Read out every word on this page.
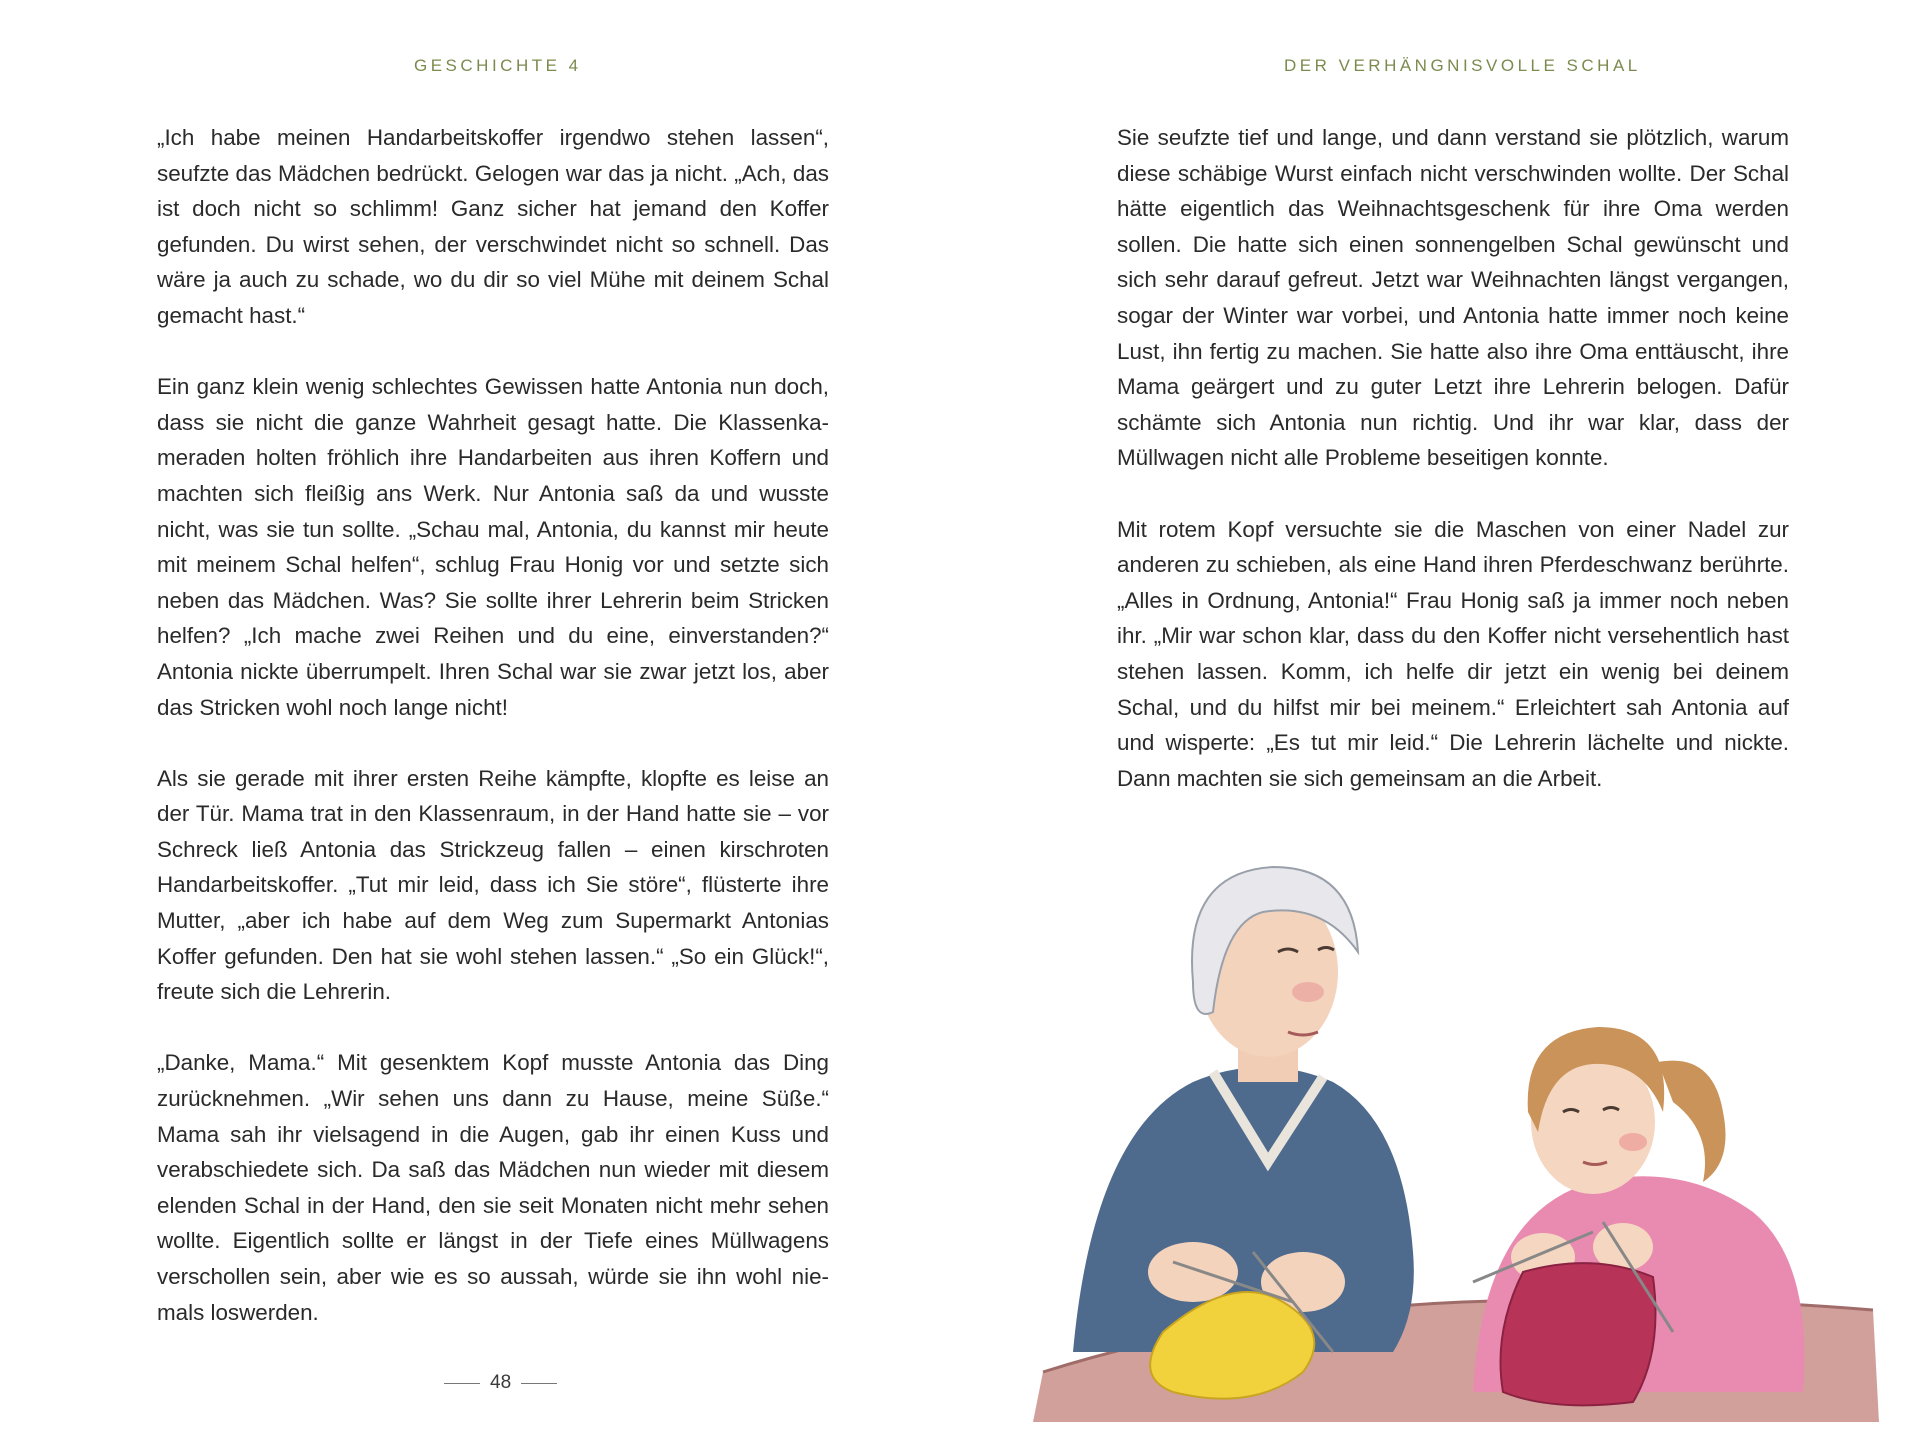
GESCHICHTE 4

„Ich habe meinen Handarbeitskoffer irgendwo stehen lassen“, seufzte das Mädchen bedrückt. Gelogen war das ja nicht. „Ach, das ist doch nicht so schlimm! Ganz sicher hat jemand den Koffer gefunden. Du wirst sehen, der verschwindet nicht so schnell. Das wäre ja auch zu schade, wo du dir so viel Mühe mit deinem Schal gemacht hast.“

Ein ganz klein wenig schlechtes Gewissen hatte Antonia nun doch, dass sie nicht die ganze Wahrheit gesagt hatte. Die Klassenkameraden holten fröhlich ihre Handarbeiten aus ihren Koffern und machten sich fleißig ans Werk. Nur Antonia saß da und wusste nicht, was sie tun sollte. „Schau mal, Antonia, du kannst mir heute mit meinem Schal helfen“, schlug Frau Honig vor und setzte sich neben das Mädchen. Was? Sie sollte ihrer Lehrerin beim Stricken helfen? „Ich mache zwei Reihen und du eine, einverstanden?“ Antonia nickte überrumpelt. Ihren Schal war sie zwar jetzt los, aber das Stricken wohl noch lange nicht!

Als sie gerade mit ihrer ersten Reihe kämpfte, klopfte es leise an der Tür. Mama trat in den Klassenraum, in der Hand hatte sie – vor Schreck ließ Antonia das Strickzeug fallen – einen kirschroten Handarbeitskoffer. „Tut mir leid, dass ich Sie störe“, flüsterte ihre Mutter, „aber ich habe auf dem Weg zum Supermarkt Antonias Koffer gefunden. Den hat sie wohl stehen lassen.“ „So ein Glück!“, freute sich die Lehrerin.

„Danke, Mama.“ Mit gesenktem Kopf musste Antonia das Ding zurücknehmen. „Wir sehen uns dann zu Hause, meine Süße.“ Mama sah ihr vielsagend in die Augen, gab ihr einen Kuss und verabschiedete sich. Da saß das Mädchen nun wieder mit diesem elenden Schal in der Hand, den sie seit Monaten nicht mehr sehen wollte. Eigentlich sollte er längst in der Tiefe eines Müllwagens verschollen sein, aber wie es so aussah, würde sie ihn wohl niemals loswerden.

48
DER VERHÄNGNISVOLLE SCHAL

Sie seufzte tief und lange, und dann verstand sie plötzlich, warum diese schäbige Wurst einfach nicht verschwinden wollte. Der Schal hätte eigentlich das Weihnachtsgeschenk für ihre Oma werden sollen. Die hatte sich einen sonnengelben Schal gewünscht und sich sehr darauf gefreut. Jetzt war Weihnachten längst vergangen, sogar der Winter war vorbei, und Antonia hatte immer noch keine Lust, ihn fertig zu machen. Sie hatte also ihre Oma enttäuscht, ihre Mama geärgert und zu guter Letzt ihre Lehrerin belogen. Dafür schämte sich Antonia nun richtig. Und ihr war klar, dass der Müllwagen nicht alle Probleme beseitigen konnte.

Mit rotem Kopf versuchte sie die Maschen von einer Nadel zur anderen zu schieben, als eine Hand ihren Pferdeschwanz berührte. „Alles in Ordnung, Antonia!“ Frau Honig saß ja immer noch neben ihr. „Mir war schon klar, dass du den Koffer nicht versehentlich hast stehen lassen. Komm, ich helfe dir jetzt ein wenig bei deinem Schal, und du hilfst mir bei meinem.“ Erleichtert sah Antonia auf und wisperte: „Es tut mir leid.“ Die Lehrerin lächelte und nickte. Dann machten sie sich gemeinsam an die Arbeit.
